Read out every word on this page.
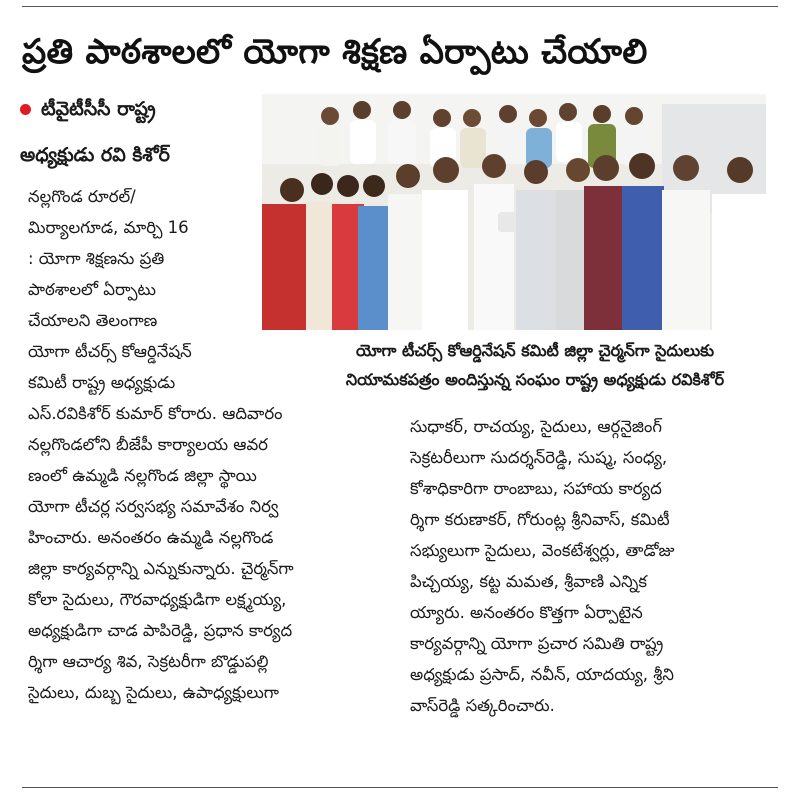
ప్రతి పాఠశాలలో యోగా శిక్షణ ఏర్పాటు చేయాలి
టీవైటీసీసీ రాష్ట్ర
అధ్యక్షుడు రవి కిశోర్
యోగా టీచర్స్ కోఆర్డినేషన్ కమిటీ జిల్లా చైర్మన్‌గా సైదులుకు
నియామకపత్రం అందిస్తున్న సంఘం రాష్ట్ర అధ్యక్షుడు రవికిశోర్
నల్లగొండ రూరల్/
మిర్యాలగూడ, మార్చి 16
: యోగా శిక్షణను ప్రతి
పాఠశాలలో ఏర్పాటు
చేయాలని తెలంగాణ
యోగా టీచర్స్ కోఆర్డినేషన్
కమిటీ రాష్ట్ర అధ్యక్షుడు
ఎస్.రవికిశోర్ కుమార్ కోరారు. ఆదివారం
నల్లగొండలోని బీజేపీ కార్యాలయ ఆవర
ణంలో ఉమ్మడి నల్లగొండ జిల్లా స్థాయి
యోగా టీచర్ల సర్వసభ్య సమావేశం నిర్వ
హించారు. అనంతరం ఉమ్మడి నల్లగొండ
జిల్లా కార్యవర్గాన్ని ఎన్నుకున్నారు. చైర్మన్‌గా
కోలా సైదులు, గౌరవాధ్యక్షుడిగా లక్ష్మయ్య,
అధ్యక్షుడిగా చాడ పాపిరెడ్డి, ప్రధాన కార్యద
ర్శిగా ఆచార్య శివ, సెక్రటరీగా బొడ్డుపల్లి
సైదులు, దుబ్బ సైదులు, ఉపాధ్యక్షులుగా
సుధాకర్, రాచయ్య, సైదులు, ఆర్గనైజింగ్
సెక్రటరీలుగా సుదర్శన్‌రెడ్డి, సుష్మ, సంధ్య,
కోశాధికారిగా రాంబాబు, సహాయ కార్యద
ర్శిగా కరుణాకర్, గోరుంట్ల శ్రీనివాస్, కమిటీ
సభ్యులుగా సైదులు, వెంకటేశ్వర్లు, తాడోజు
పిచ్చయ్య, కట్ట మమత, శ్రీవాణి ఎన్నిక
య్యారు. అనంతరం కొత్తగా ఏర్పాటైన
కార్యవర్గాన్ని యోగా ప్రచార సమితి రాష్ట్ర
అధ్యక్షుడు ప్రసాద్, నవీన్, యాదయ్య, శ్రీని
వాస్‌రెడ్డి సత్కరించారు.
